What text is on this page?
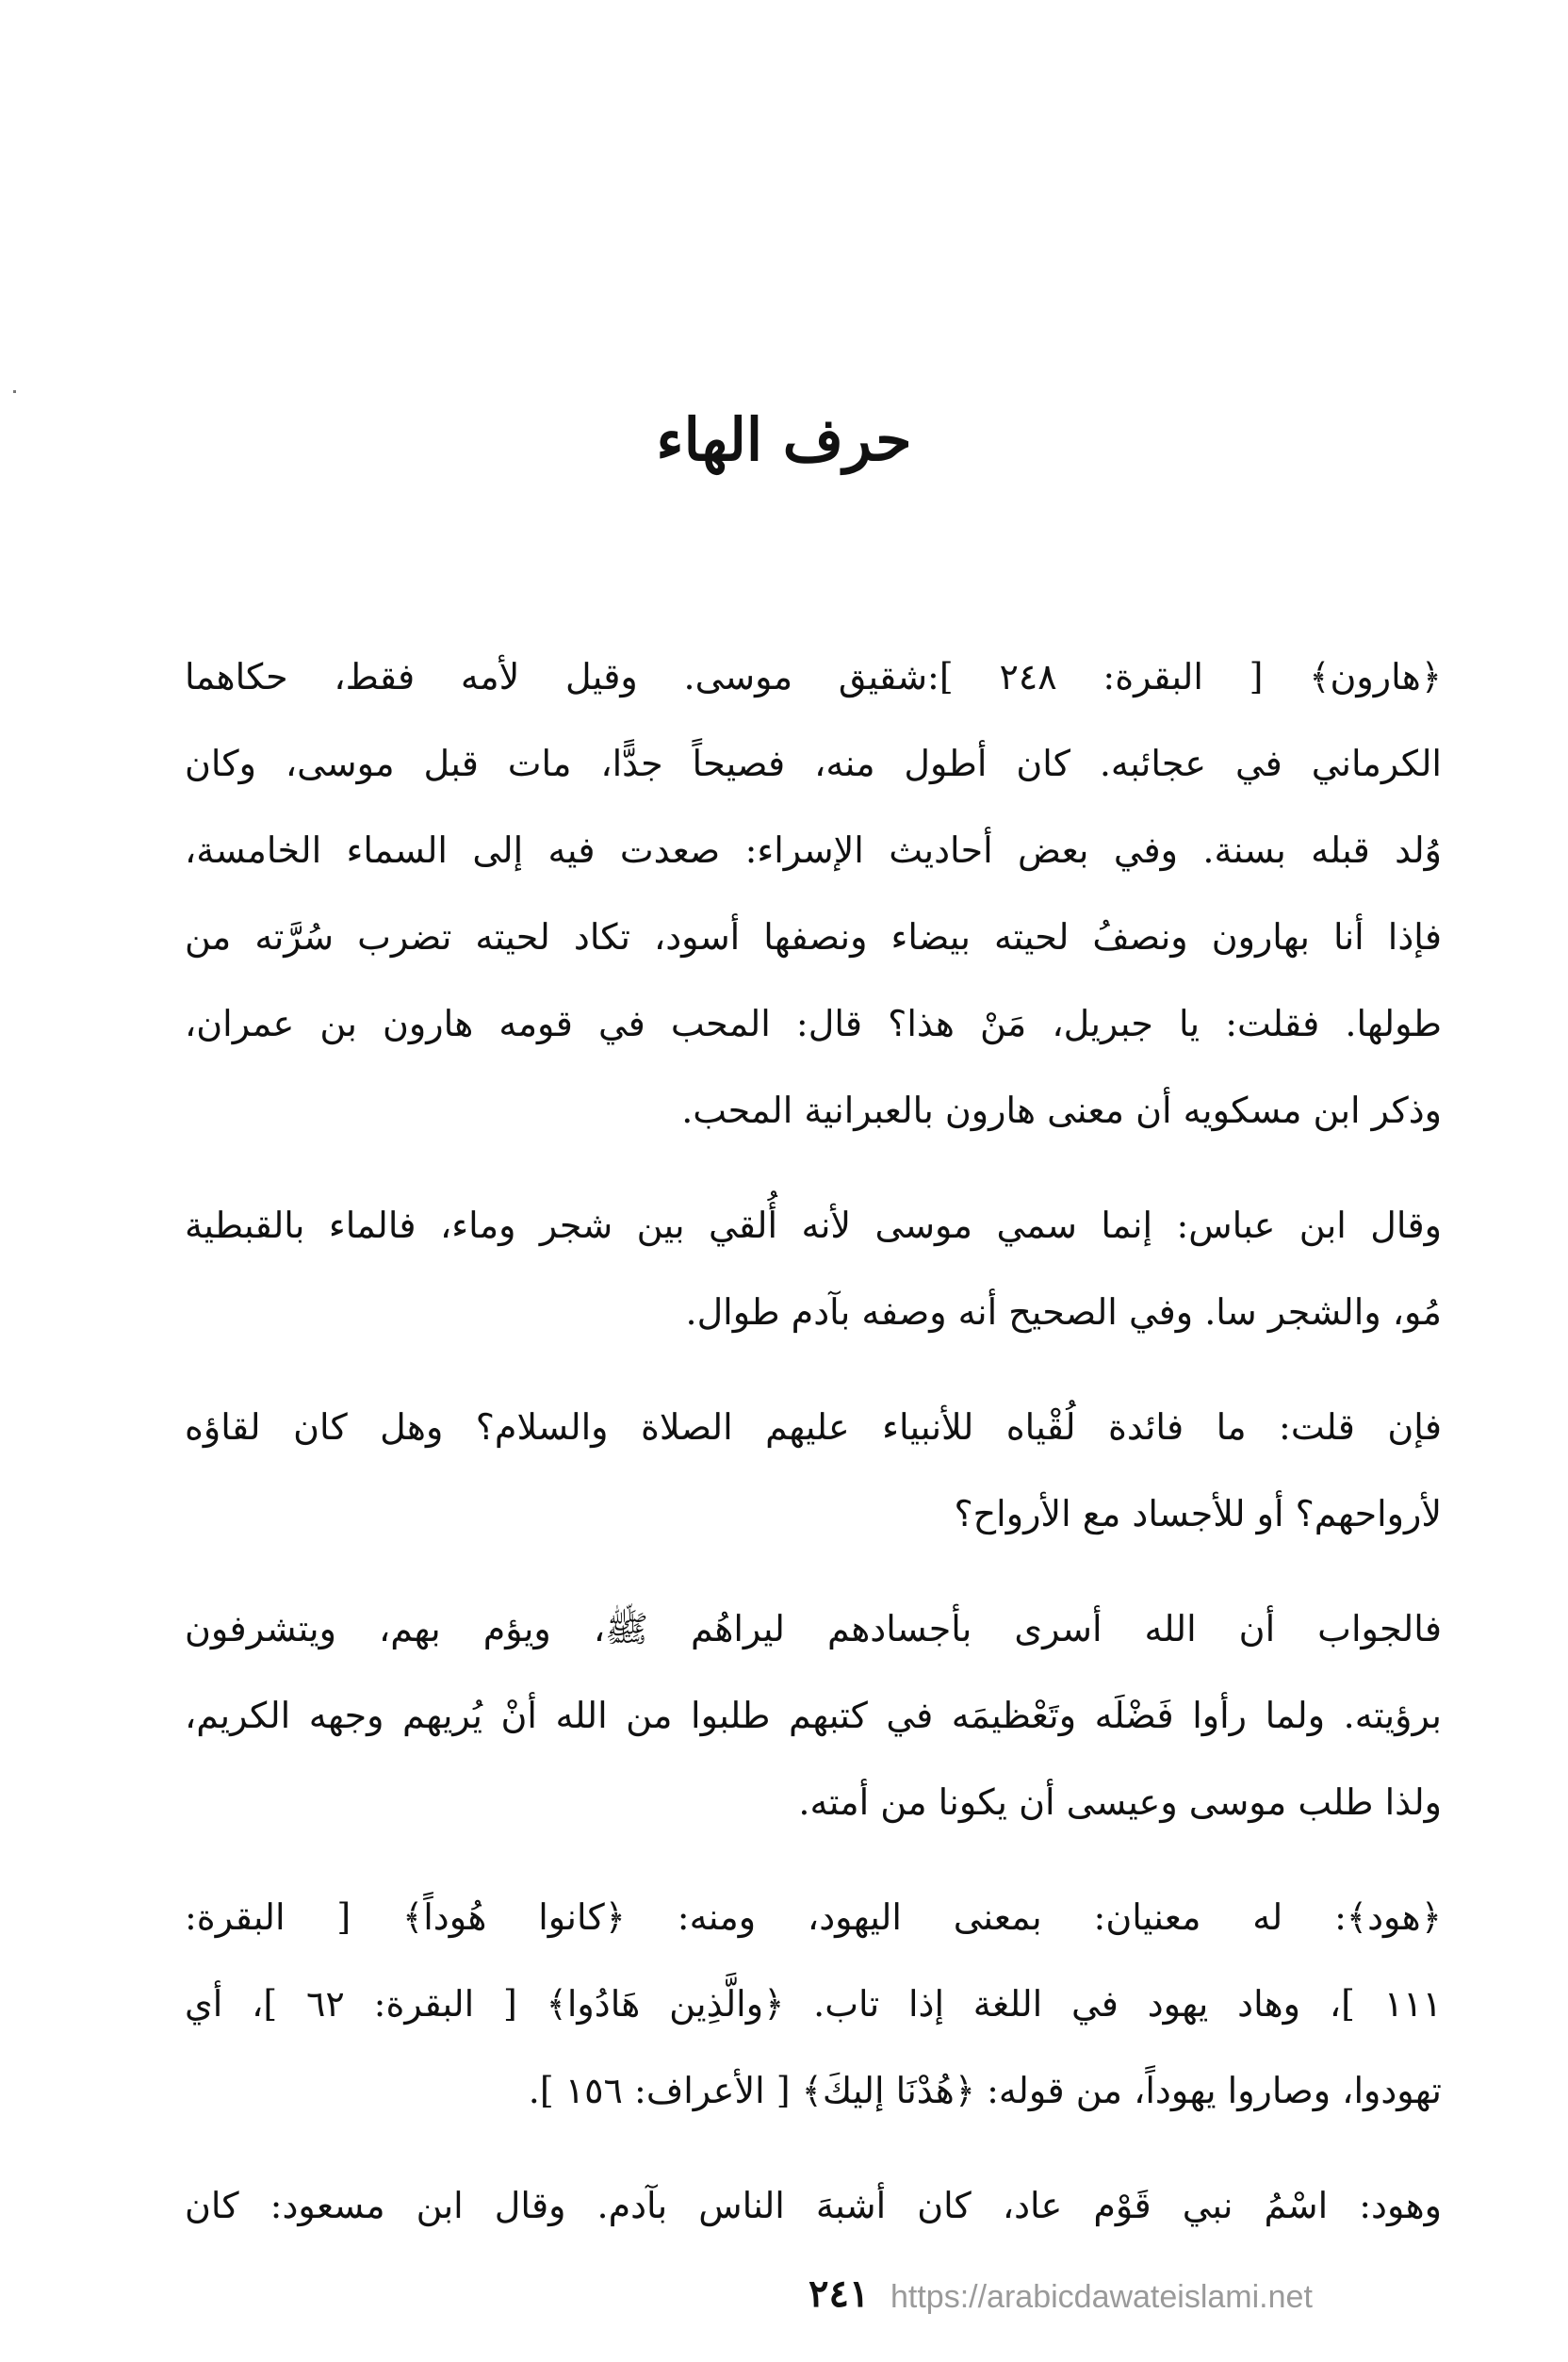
حرف الهاء

﴿هارون﴾ [ البقرة: ٢٤٨ ]:شقيق موسى. وقيل لأمه فقط، حكاهما
الكرماني في عجائبه. كان أطول منه، فصيحاً جدًّا، مات قبل موسى، وكان
وُلد قبله بسنة. وفي بعض أحاديث الإسراء: صعدت فيه إلى السماء الخامسة،
فإذا أنا بهارون ونصفُ لحيته بيضاء ونصفها أسود، تكاد لحيته تضرب سُرَّته من
طولها. فقلت: يا جبريل، مَنْ هذا؟ قال: المحب في قومه هارون بن عمران،
وذكر ابن مسكويه أن معنى هارون بالعبرانية المحب.

وقال ابن عباس: إنما سمي موسى لأنه أُلقي بين شجر وماء، فالماء بالقبطية
مُو، والشجر سا. وفي الصحيح أنه وصفه بآدم طوال.

فإن قلت: ما فائدة لُقْياه للأنبياء عليهم الصلاة والسلام؟ وهل كان لقاؤه
لأرواحهم؟ أو للأجساد مع الأرواح؟

فالجواب أن الله أسرى بأجسادهم ليراهُم ﷺ، ويؤم بهم، ويتشرفون
برؤيته. ولما رأوا فَضْلَه وتَعْظيمَه في كتبهم طلبوا من الله أنْ يُريهم وجهه الكريم،
ولذا طلب موسى وعيسى أن يكونا من أمته.

﴿هود﴾: له معنيان: بمعنى اليهود، ومنه: ﴿كانوا هُوداً﴾ [ البقرة:
١١١ ]، وهاد يهود في اللغة إذا تاب. ﴿والَّذِين هَادُوا﴾ [ البقرة: ٦٢ ]، أي
تهودوا، وصاروا يهوداً، من قوله: ﴿هُدْنَا إليكَ﴾ [ الأعراف: ١٥٦ ].

وهود: اسْمُ نبي قَوْم عاد، كان أشبهَ الناس بآدم. وقال ابن مسعود: كان

٢٤١ https://arabicdawateislami.net
